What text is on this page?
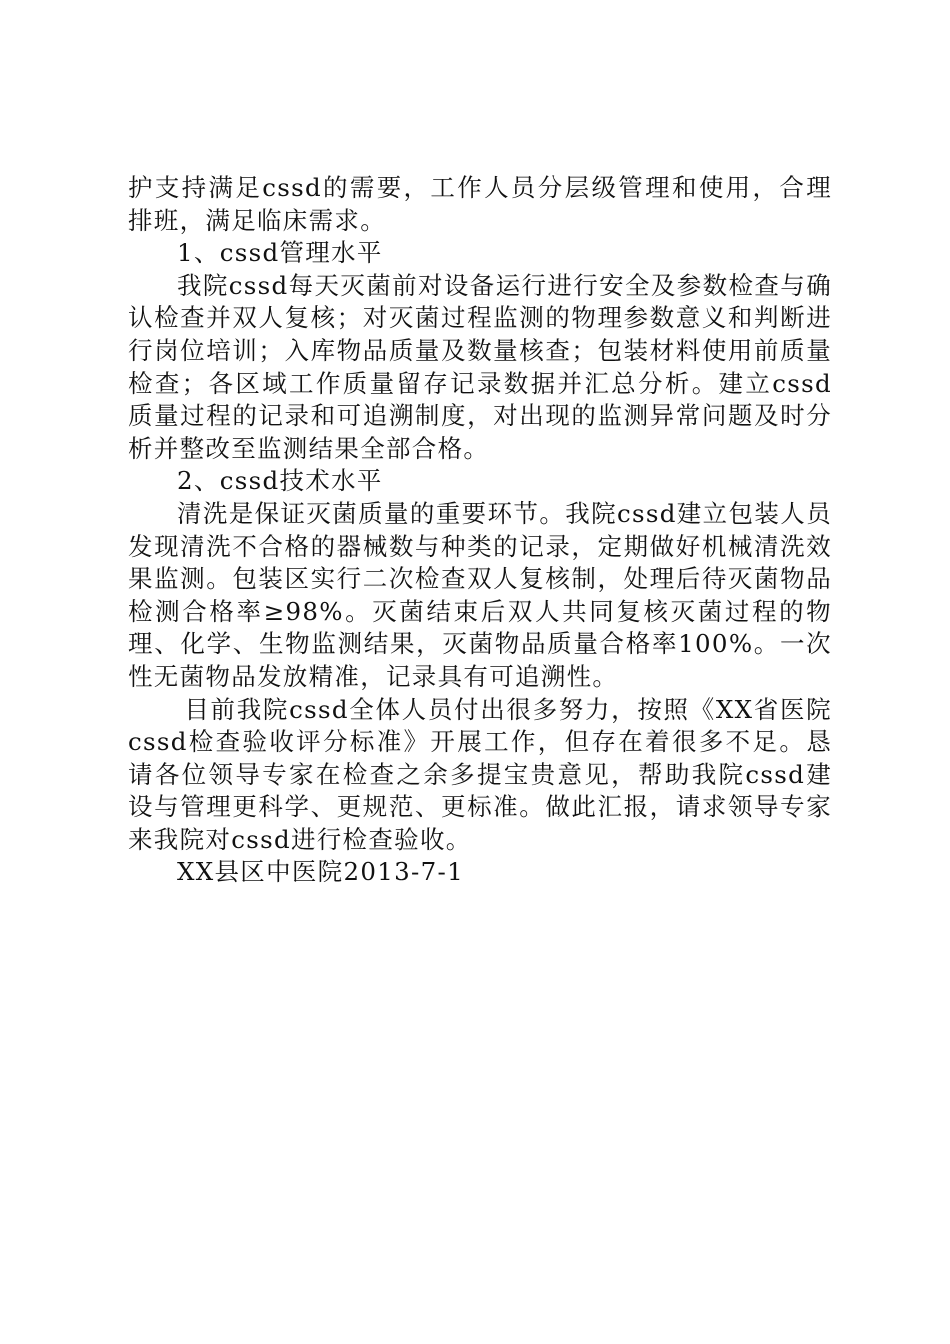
护支持满足cssd的需要，工作人员分层级管理和使用，合理排班，满足临床需求。

1、cssd管理水平

我院cssd每天灭菌前对设备运行进行安全及参数检查与确认检查并双人复核；对灭菌过程监测的物理参数意义和判断进行岗位培训；入库物品质量及数量核查；包装材料使用前质量检查；各区域工作质量留存记录数据并汇总分析。建立cssd质量过程的记录和可追溯制度，对出现的监测异常问题及时分析并整改至监测结果全部合格。

2、cssd技术水平

清洗是保证灭菌质量的重要环节。我院cssd建立包装人员发现清洗不合格的器械数与种类的记录，定期做好机械清洗效果监测。包装区实行二次检查双人复核制，处理后待灭菌物品检测合格率≥98%。灭菌结束后双人共同复核灭菌过程的物理、化学、生物监测结果，灭菌物品质量合格率100%。一次性无菌物品发放精准，记录具有可追溯性。

目前我院cssd全体人员付出很多努力，按照《XX省医院cssd检查验收评分标准》开展工作，但存在着很多不足。恳请各位领导专家在检查之余多提宝贵意见，帮助我院cssd建设与管理更科学、更规范、更标准。做此汇报，请求领导专家来我院对cssd进行检查验收。

XX县区中医院2013-7-1
